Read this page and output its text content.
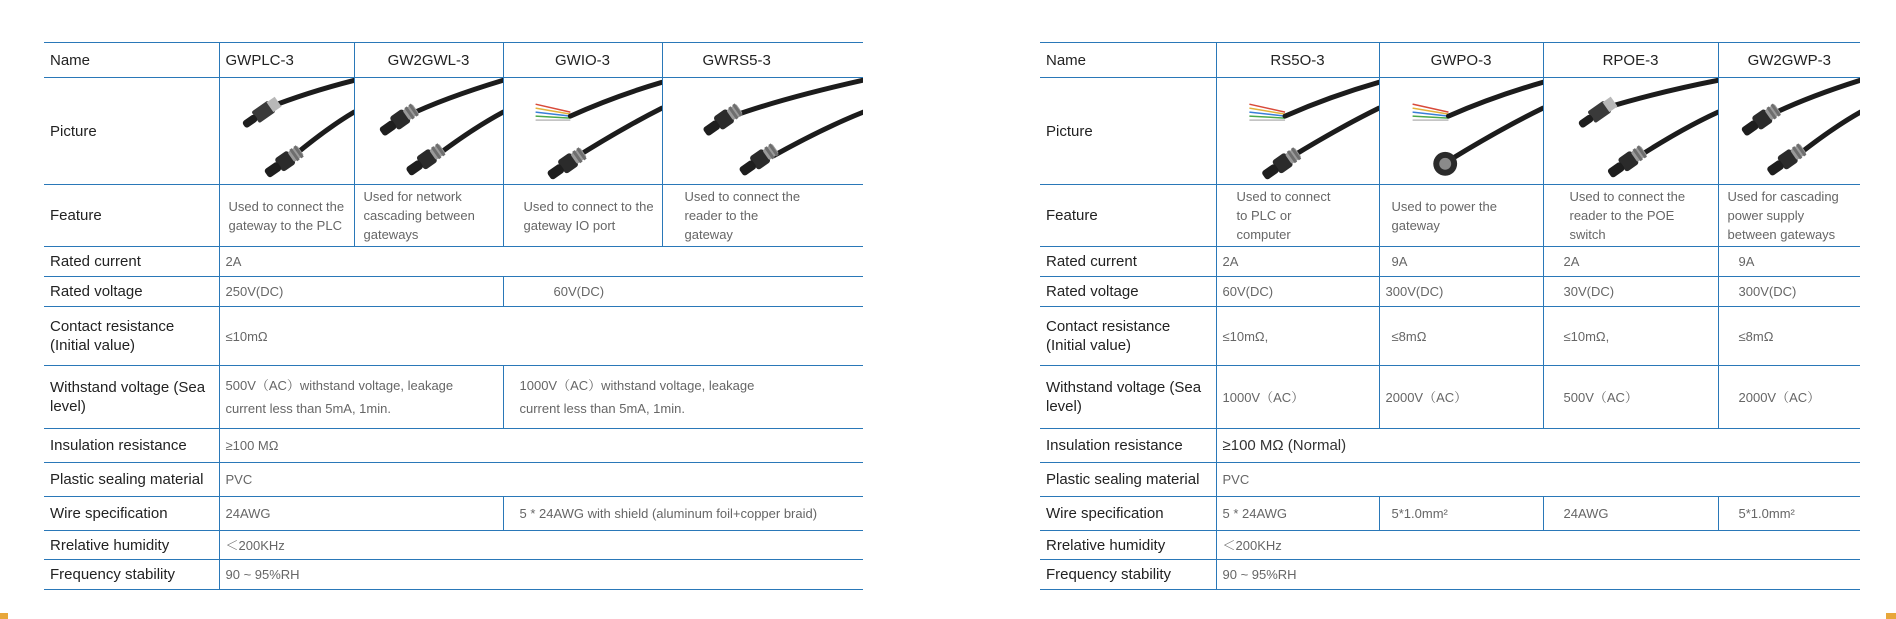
Name	GWPLC-3	GW2GWL-3	GWIO-3	GWRS5-3
Picture	

Feature	Used to connect the gateway to the PLC	Used for network cascading between gateways	Used to connect to the gateway IO port	Used to connect the reader to the gateway
Rated current	2A			
Rated voltage	250V(DC)		60V(DC)	
Contact resistance (Initial value)	≤10mΩ			
Withstand voltage (Sea level)	500V（AC）withstand voltage, leakage current less than 5mA, 1min.		1000V（AC）withstand voltage, leakage current less than 5mA, 1min.	
Insulation resistance	≥100 MΩ			
Plastic sealing material	PVC			
Wire specification	24AWG		5 * 24AWG with shield (aluminum foil+copper braid)	
Rrelative humidity	＜200KHz			
Frequency stability	90 ~ 95%RH			
Name	RS5O-3	GWPO-3	RPOE-3	GW2GWP-3
Picture	

Feature	Used to connect to PLC or computer	Used to power the gateway	Used to connect the reader to the POE switch	Used for cascading power supply between gateways
Rated current	2A	9A	2A	9A
Rated voltage	60V(DC)	300V(DC)	30V(DC)	300V(DC)
Contact resistance (Initial value)	≤10mΩ,	≤8mΩ	≤10mΩ,	≤8mΩ
Withstand voltage (Sea level)	1000V（AC）	2000V（AC）	500V（AC）	2000V（AC）
Insulation resistance	≥100 MΩ (Normal)			
Plastic sealing material	PVC			
Wire specification	5 * 24AWG	5*1.0mm²	24AWG	5*1.0mm²
Rrelative humidity	＜200KHz			
Frequency stability	90 ~ 95%RH			
